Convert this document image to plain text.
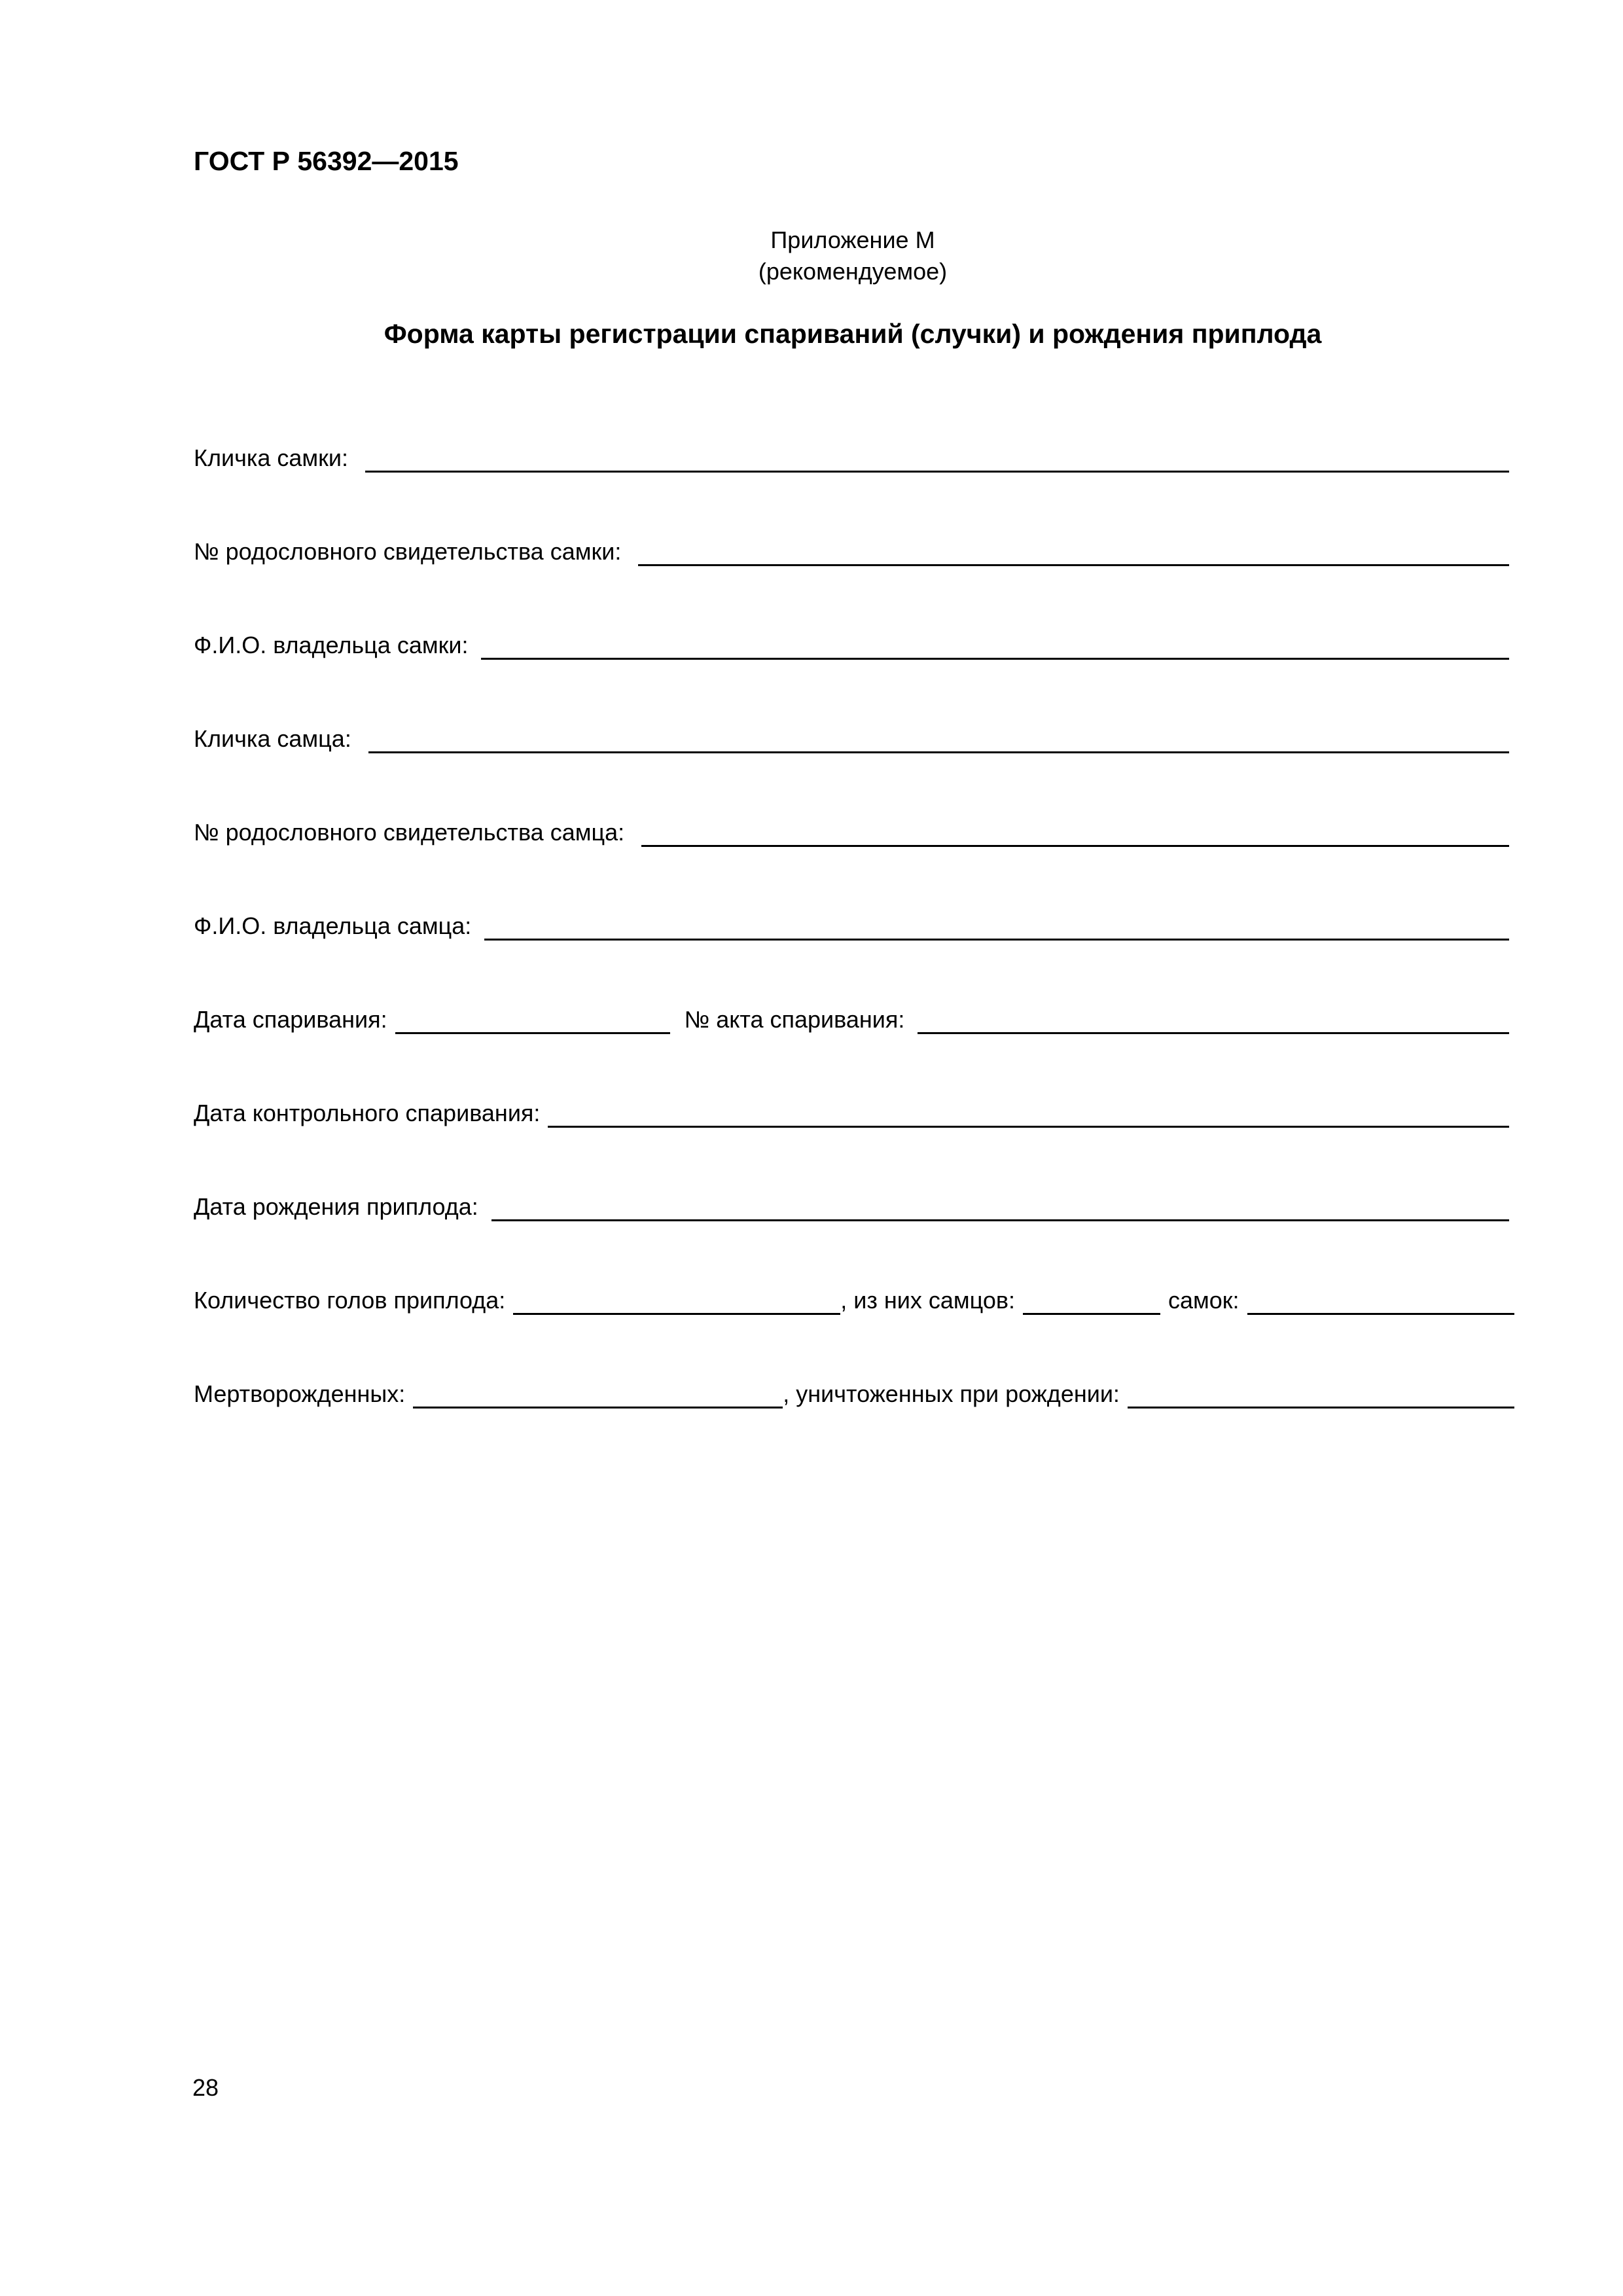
ГОСТ Р 56392—2015
Приложение М
(рекомендуемое)
Форма карты регистрации спариваний (случки) и рождения приплода
Кличка самки:
№ родословного свидетельства самки:
Ф.И.О. владельца самки:
Кличка самца:
№ родословного свидетельства самца:
Ф.И.О. владельца самца:
Дата спаривания:	№ акта спаривания:
Дата контрольного спаривания:
Дата рождения приплода:
Количество голов приплода:	, из них самцов:	самок:
Мертворожденных:	, уничтоженных при рождении:
28
